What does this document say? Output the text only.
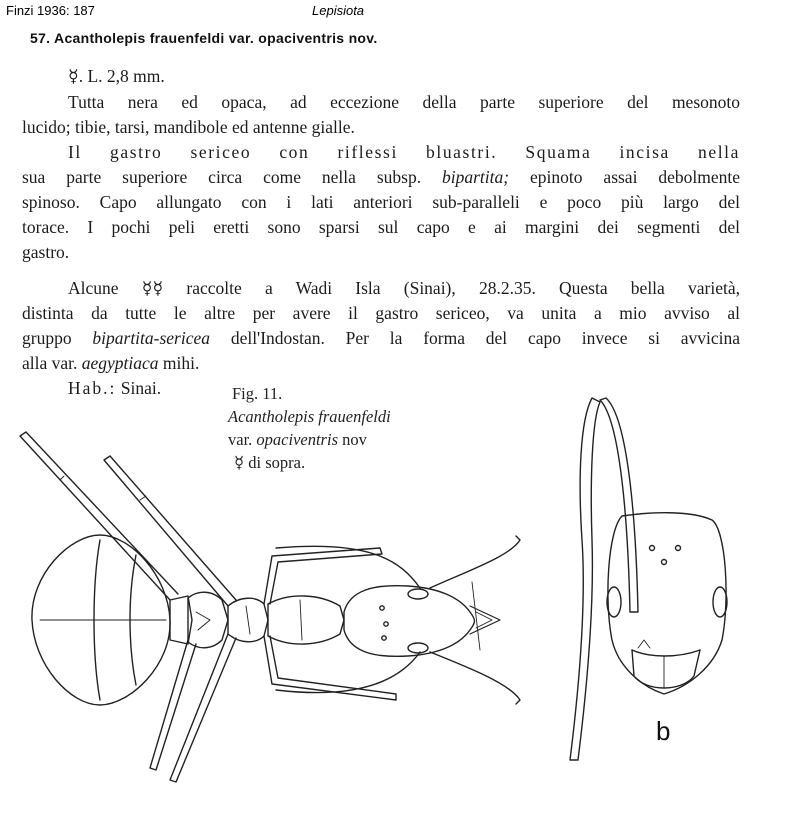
Finzi 1936: 187	Lepisiota
57. Acantholepis frauenfeldi var. opaciventris nov.
☿. L. 2,8 mm.
Tutta nera ed opaca, ad eccezione della parte superiore del mesonoto
lucido; tibie, tarsi, mandibole ed antenne gialle.
Il gastro sericeo con riflessi bluastri. Squama incisa nella
sua parte superiore circa come nella subsp. bipartita; epinoto assai debolmente
spinoso. Capo allungato con i lati anteriori sub-paralleli e poco più largo del
torace. I pochi peli eretti sono sparsi sul capo e ai margini dei segmenti del
gastro.
Alcune ☿☿ raccolte a Wadi Isla (Sinai), 28.2.35. Questa bella varietà,
distinta da tutte le altre per avere il gastro sericeo, va unita a mio avviso al
gruppo bipartita-sericea dell'Indostan. Per la forma del capo invece si avvicina
alla var. aegyptiaca mihi.
Hab.: Sinai.	Fig. 11.
Acantholepis frauenfeldi
var. opaciventris nov
☿ di sopra.
b
